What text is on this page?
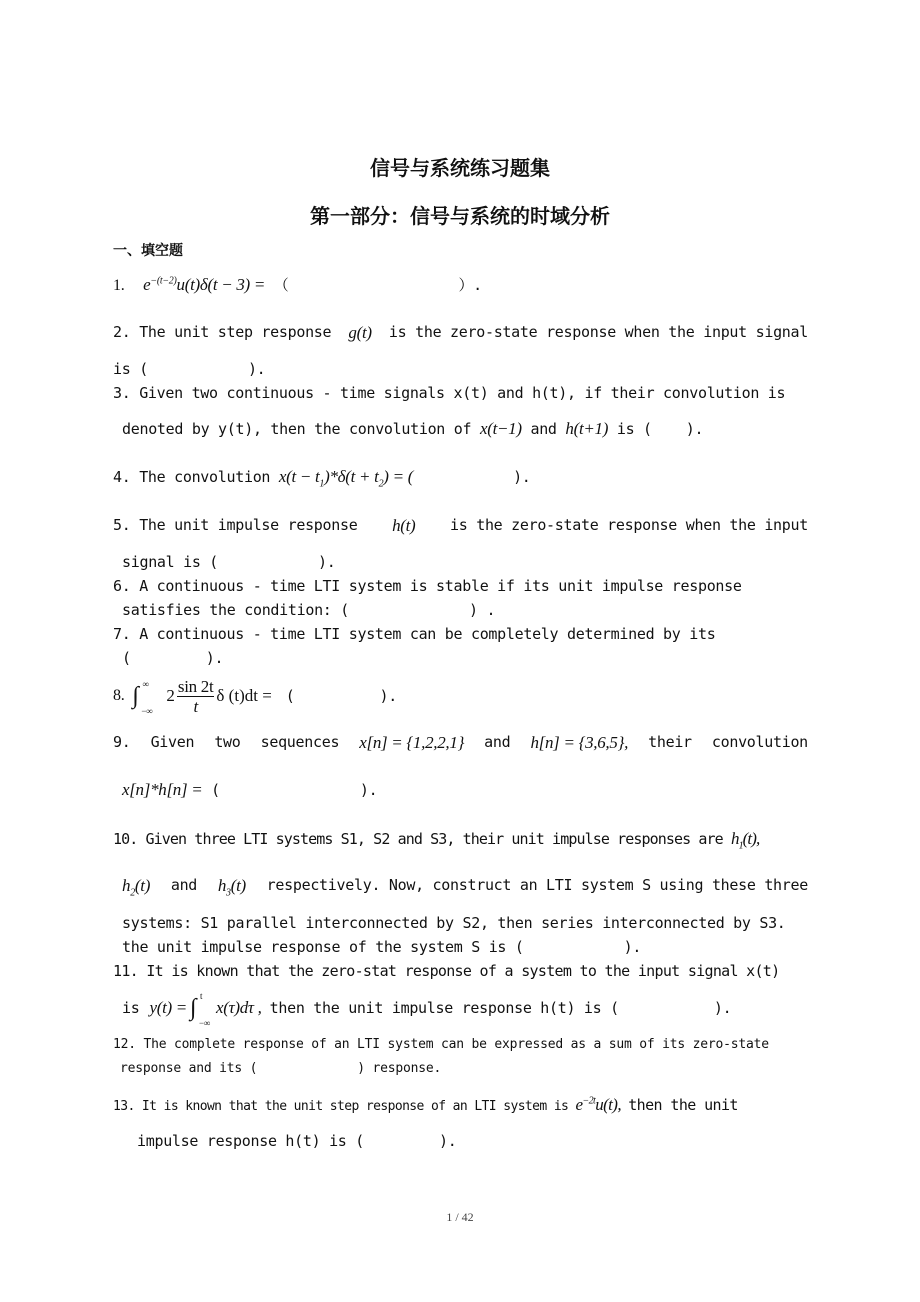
信号与系统练习题集
第一部分：信号与系统的时域分析
一、填空题
1. $e^{-(t-2)}u(t)\delta(t - 3)$ = （	）.
2. The unit step response g(t) is the zero-state response when the input signal
is (	).
3. Given two continuous - time signals x(t) and h(t), if their convolution is
denoted by y(t), then the convolution of x(t−1) and h(t+1) is ( ).
4. The convolution $x(t - t_1)*\delta(t + t_2)$ = (	).
5. The unit impulse response h(t) is the zero-state response when the input
signal is (	).
6. A continuous - time LTI system is stable if its unit impulse response
satisfies the condition: (	) .
7. A continuous - time LTI system can be completely determined by its
(	).
8. ∫ ∞
−∞
$2 \frac{\sin 2t}{t}$ δ (t)dt = (	).
9. Given two sequences x[n] = {1,2,2,1} and h[n] = {3,6,5}, their convolution
x[n]*h[n] = (	).
10. Given three LTI systems S1, S2 and S3, their unit impulse responses are $h_1(t)$,
$h_2(t)$ and $h_3(t)$ respectively. Now, construct an LTI system S using these three
systems: S1 parallel interconnected by S2, then series interconnected by S3.
the unit impulse response of the system S is (	).
11. It is known that the zero-stat response of a system to the input signal x(t)
is y(t) = ∫ t
−∞
x(τ)dτ , then the unit impulse response h(t) is (	).
12. The complete response of an LTI system can be expressed as a sum of its zero-state
response and its (	) response.
13. It is known that the unit step response of an LTI system is $e^{-2t}u(t)$, then the unit
impulse response h(t) is (	).
1 / 42
